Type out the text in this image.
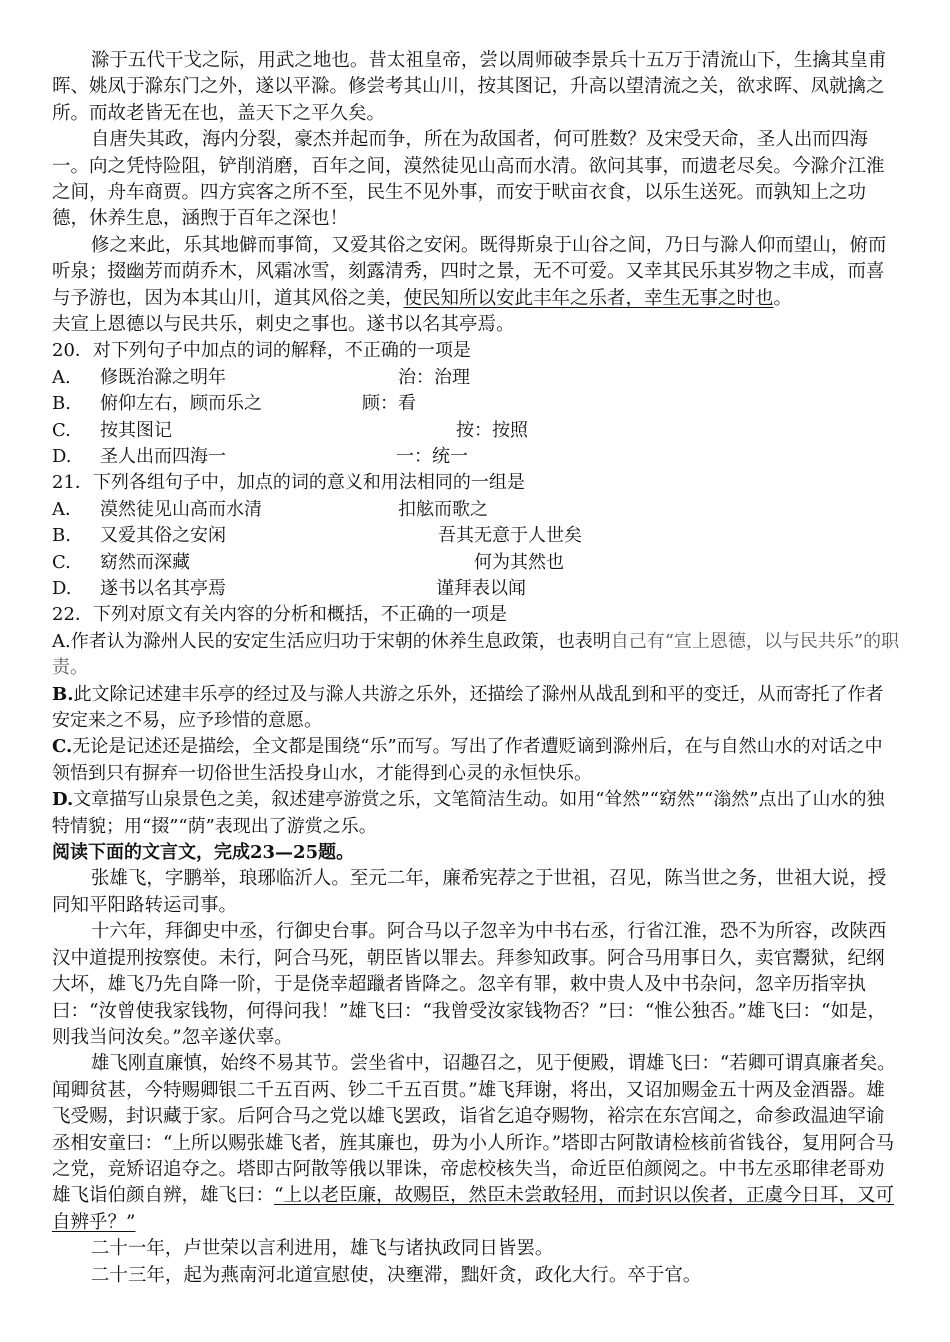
滁于五代干戈之际，用武之地也。昔太祖皇帝，尝以周师破李景兵十五万于清流山下，生擒其皇甫晖、姚凤于滁东门之外，遂以平滁。修尝考其山川，按其图记，升高以望清流之关，欲求晖、凤就擒之所。而故老皆无在也，盖天下之平久矣。

自唐失其政，海内分裂，豪杰并起而争，所在为敌国者，何可胜数？及宋受天命，圣人出而四海一。向之凭恃险阻，铲削消磨，百年之间，漠然徒见山高而水清。欲问其事，而遗老尽矣。今滁介江淮之间，舟车商贾。四方宾客之所不至，民生不见外事，而安于畎亩衣食，以乐生送死。而孰知上之功德，休养生息，涵煦于百年之深也！

修之来此，乐其地僻而事简，又爱其俗之安闲。既得斯泉于山谷之间，乃日与滁人仰而望山，俯而听泉；掇幽芳而荫乔木，风霜冰雪，刻露清秀，四时之景，无不可爱。又幸其民乐其岁物之丰成，而喜与予游也，因为本其山川，道其风俗之美，使民知所以安此丰年之乐者，幸生无事之时也。

夫宣上恩德以与民共乐，刺史之事也。遂书以名其亭焉。

20．对下列句子中加点的词的解释，不正确的一项是

A.	修既治滁之明年	治：治理
B.	俯仰左右，顾而乐之	顾：看
C.	按其图记	按：按照
D.	圣人出而四海一	一：统一

21．下列各组句子中，加点的词的意义和用法相同的一组是

A． 漠然徒见山高而水清	扣舷而歌之
B.	又爱其俗之安闲	吾其无意于人世矣
C.	窈然而深藏	何为其然也
D.	遂书以名其亭焉	谨拜表以闻

22．下列对原文有关内容的分析和概括，不正确的一项是

A.作者认为滁州人民的安定生活应归功于宋朝的休养生息政策，也表明自己有“宣上恩德，以与民共乐”的职责。

B.此文除记述建丰乐亭的经过及与滁人共游之乐外，还描绘了滁州从战乱到和平的变迁，从而寄托了作者安定来之不易，应予珍惜的意愿。

C.无论是记述还是描绘，全文都是围绕“乐”而写。写出了作者遭贬谪到滁州后，在与自然山水的对话之中领悟到只有摒弃一切俗世生活投身山水，才能得到心灵的永恒快乐。

D.文章描写山泉景色之美，叙述建亭游赏之乐，文笔简洁生动。如用“耸然”“窈然”“滃然”点出了山水的独特情貌；用“掇”“荫”表现出了游赏之乐。

阅读下面的文言文，完成23—25题。

张雄飞，字鹏举，琅琊临沂人。至元二年，廉希宪荐之于世祖，召见，陈当世之务，世祖大说，授同知平阳路转运司事。

十六年，拜御史中丞，行御史台事。阿合马以子忽辛为中书右丞，行省江淮，恐不为所容，改陕西汉中道提刑按察使。未行，阿合马死，朝臣皆以罪去。拜参知政事。阿合马用事日久，卖官鬻狱，纪纲大坏，雄飞乃先自降一阶，于是侥幸超躐者皆降之。忽辛有罪，敕中贵人及中书杂问，忽辛历指宰执曰：“汝曾使我家钱物，何得问我！”雄飞曰：“我曾受汝家钱物否？”曰：“惟公独否。”雄飞曰：“如是，则我当问汝矣。”忽辛遂伏辜。

雄飞刚直廉慎，始终不易其节。尝坐省中，诏趣召之，见于便殿，谓雄飞曰：“若卿可谓真廉者矣。闻卿贫甚，今特赐卿银二千五百两、钞二千五百贯。”雄飞拜谢，将出，又诏加赐金五十两及金酒器。雄飞受赐，封识藏于家。后阿合马之党以雄飞罢政，诣省乞追夺赐物，裕宗在东宫闻之，命参政温迪罕谕丞相安童曰：“上所以赐张雄飞者，旌其廉也，毋为小人所诈。”塔即古阿散请检核前省钱谷，复用阿合马之党，竞矫诏追夺之。塔即古阿散等俄以罪诛，帝虑校核失当，命近臣伯颜阅之。中书左丞耶律老哥劝雄飞诣伯颜自辨，雄飞曰：“上以老臣廉，故赐臣，然臣未尝敢轻用，而封识以俟者，正虞今日耳，又可自辨乎？”

二十一年，卢世荣以言利进用，雄飞与诸执政同日皆罢。

二十三年，起为燕南河北道宣慰使，决壅滞，黜奸贪，政化大行。卒于官。
